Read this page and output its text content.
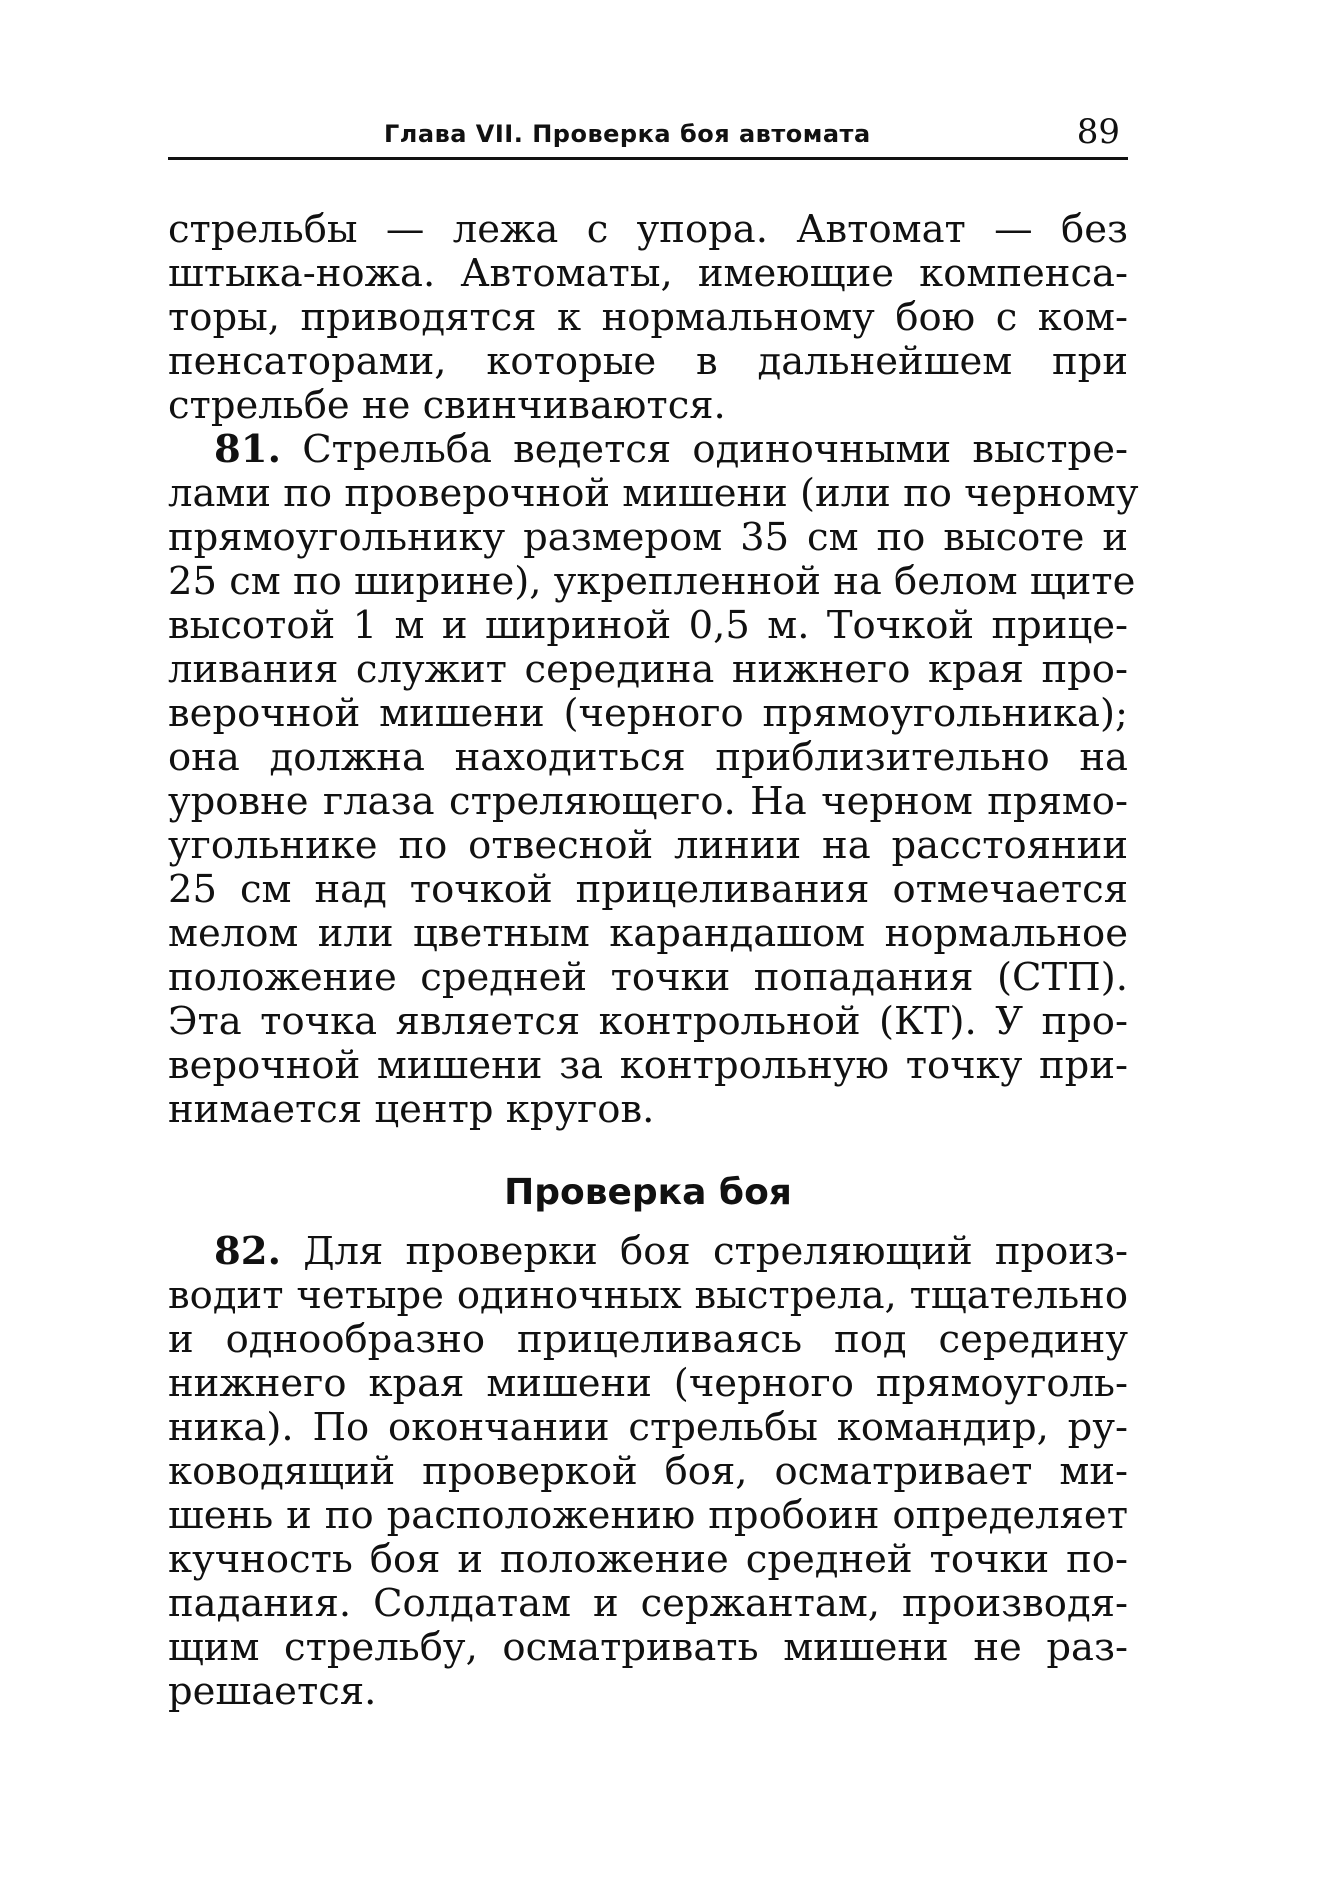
Глава VII. Проверка боя автомата	89
стрельбы — лежа с упора. Автомат — без
штыка-ножа. Автоматы, имеющие компенса-
торы, приводятся к нормальному бою с ком-
пенсаторами, которые в дальнейшем при
стрельбе не свинчиваются.
81. Стрельба ведется одиночными выстре-
лами по проверочной мишени (или по черному
прямоугольнику размером 35 см по высоте и
25 см по ширине), укрепленной на белом щите
высотой 1 м и шириной 0,5 м. Точкой прице-
ливания служит середина нижнего края про-
верочной мишени (черного прямоугольника);
она должна находиться приблизительно на
уровне глаза стреляющего. На черном прямо-
угольнике по отвесной линии на расстоянии
25 см над точкой прицеливания отмечается
мелом или цветным карандашом нормальное
положение средней точки попадания (СТП).
Эта точка является контрольной (КТ). У про-
верочной мишени за контрольную точку при-
нимается центр кругов.
Проверка боя
82. Для проверки боя стреляющий произ-
водит четыре одиночных выстрела, тщательно
и однообразно прицеливаясь под середину
нижнего края мишени (черного прямоуголь-
ника). По окончании стрельбы командир, ру-
ководящий проверкой боя, осматривает ми-
шень и по расположению пробоин определяет
кучность боя и положение средней точки по-
падания. Солдатам и сержантам, производя-
щим стрельбу, осматривать мишени не раз-
решается.
